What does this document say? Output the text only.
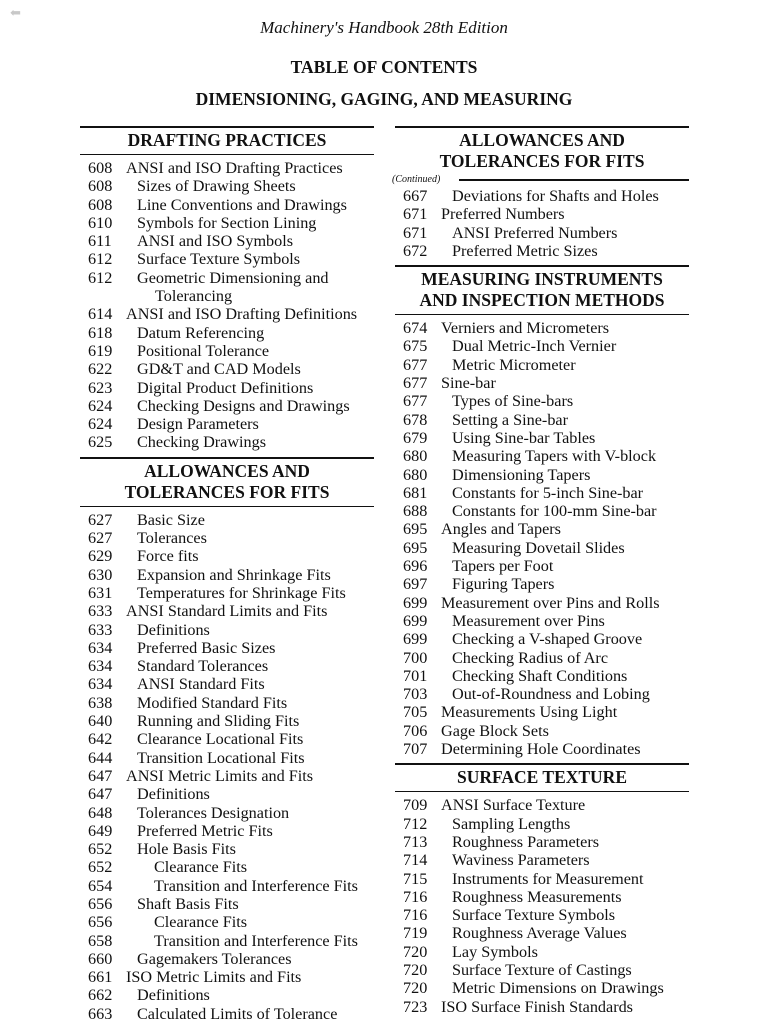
⬅
Machinery's Handbook 28th Edition
TABLE OF CONTENTS
DIMENSIONING, GAGING, AND MEASURING
DRAFTING PRACTICES
608 ANSI and ISO Drafting Practices
608	Sizes of Drawing Sheets
608	Line Conventions and Drawings
610	Symbols for Section Lining
611	ANSI and ISO Symbols
612	Surface Texture Symbols
612	Geometric Dimensioning and
Tolerancing
614 ANSI and ISO Drafting Definitions
618	Datum Referencing
619	Positional Tolerance
622	GD&T and CAD Models
623	Digital Product Definitions
624	Checking Designs and Drawings
624	Design Parameters
625	Checking Drawings
ALLOWANCES AND
TOLERANCES FOR FITS
627	Basic Size
627	Tolerances
629	Force fits
630	Expansion and Shrinkage Fits
631	Temperatures for Shrinkage Fits
633 ANSI Standard Limits and Fits
633	Definitions
634	Preferred Basic Sizes
634	Standard Tolerances
634	ANSI Standard Fits
638	Modified Standard Fits
640	Running and Sliding Fits
642	Clearance Locational Fits
644	Transition Locational Fits
647 ANSI Metric Limits and Fits
647	Definitions
648	Tolerances Designation
649	Preferred Metric Fits
652	Hole Basis Fits
652	Clearance Fits
654	Transition and Interference Fits
656	Shaft Basis Fits
656	Clearance Fits
658	Transition and Interference Fits
660	Gagemakers Tolerances
661 ISO Metric Limits and Fits
662	Definitions
663	Calculated Limits of Tolerance
ALLOWANCES AND
TOLERANCES FOR FITS
(Continued)
667	Deviations for Shafts and Holes
671 Preferred Numbers
671	ANSI Preferred Numbers
672	Preferred Metric Sizes
MEASURING INSTRUMENTS
AND INSPECTION METHODS
674 Verniers and Micrometers
675	Dual Metric-Inch Vernier
677	Metric Micrometer
677 Sine-bar
677	Types of Sine-bars
678	Setting a Sine-bar
679	Using Sine-bar Tables
680	Measuring Tapers with V-block
680	Dimensioning Tapers
681	Constants for 5-inch Sine-bar
688	Constants for 100-mm Sine-bar
695 Angles and Tapers
695	Measuring Dovetail Slides
696	Tapers per Foot
697	Figuring Tapers
699 Measurement over Pins and Rolls
699	Measurement over Pins
699	Checking a V-shaped Groove
700	Checking Radius of Arc
701	Checking Shaft Conditions
703	Out-of-Roundness and Lobing
705 Measurements Using Light
706 Gage Block Sets
707 Determining Hole Coordinates
SURFACE TEXTURE
709 ANSI Surface Texture
712	Sampling Lengths
713	Roughness Parameters
714	Waviness Parameters
715	Instruments for Measurement
716	Roughness Measurements
716	Surface Texture Symbols
719	Roughness Average Values
720	Lay Symbols
720	Surface Texture of Castings
720	Metric Dimensions on Drawings
723 ISO Surface Finish Standards
